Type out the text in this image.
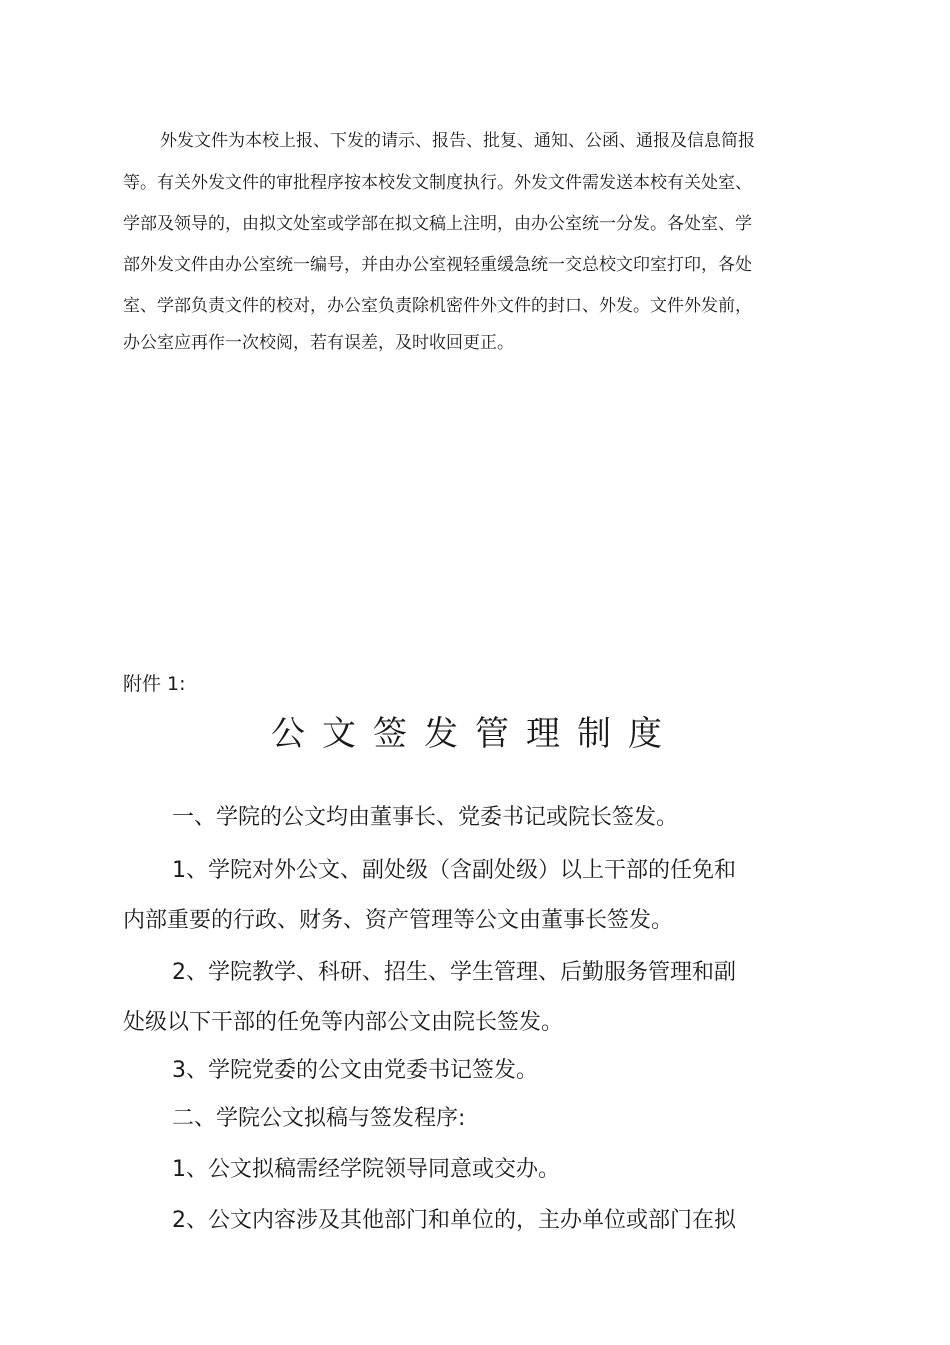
外发文件为本校上报、下发的请示、报告、批复、通知、公函、通报及信息简报
等。有关外发文件的审批程序按本校发文制度执行。外发文件需发送本校有关处室、
学部及领导的，由拟文处室或学部在拟文稿上注明，由办公室统一分发。各处室、学
部外发文件由办公室统一编号，并由办公室视轻重缓急统一交总校文印室打印，各处
室、学部负责文件的校对，办公室负责除机密件外文件的封口、外发。文件外发前，
办公室应再作一次校阅，若有误差，及时收回更正。
附件 1:
公文签发管理制度
一、学院的公文均由董事长、党委书记或院长签发。
1、学院对外公文、副处级（含副处级）以上干部的任免和
内部重要的行政、财务、资产管理等公文由董事长签发。
2、学院教学、科研、招生、学生管理、后勤服务管理和副
处级以下干部的任免等内部公文由院长签发。
3、学院党委的公文由党委书记签发。
二、学院公文拟稿与签发程序:
1、公文拟稿需经学院领导同意或交办。
2、公文内容涉及其他部门和单位的，主办单位或部门在拟
